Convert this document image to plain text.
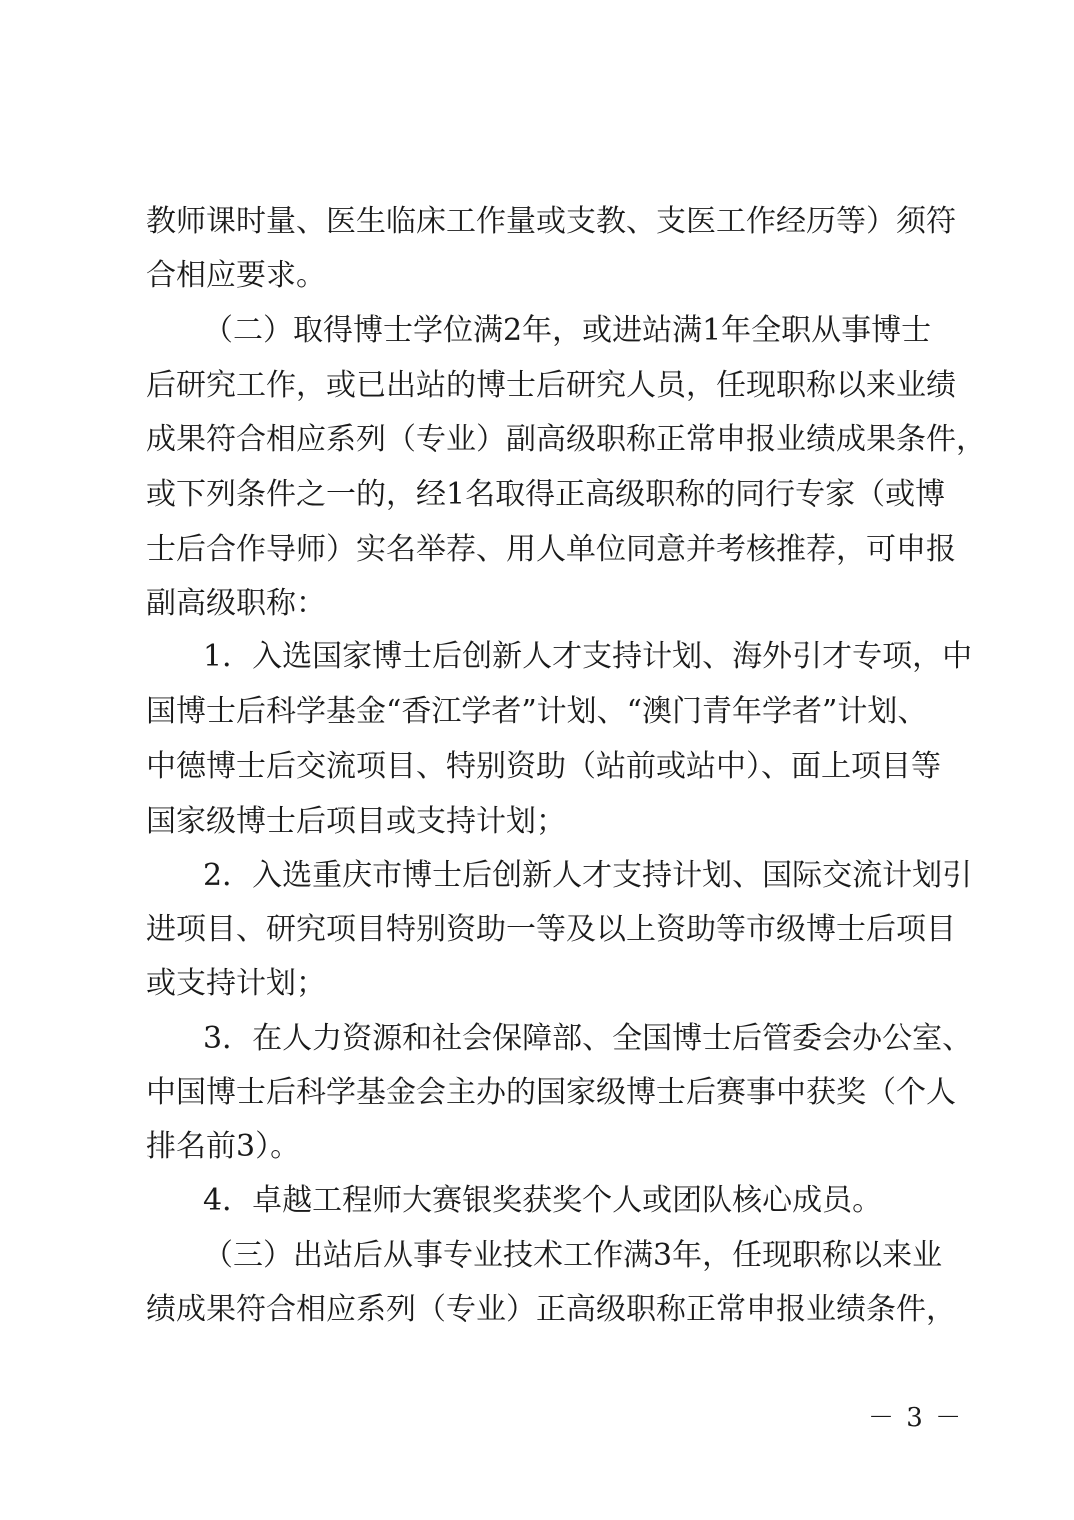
教师课时量、医生临床工作量或支教、支医工作经历等）须符
合相应要求。
（二）取得博士学位满2年，或进站满1年全职从事博士
后研究工作，或已出站的博士后研究人员，任现职称以来业绩
成果符合相应系列（专业）副高级职称正常申报业绩成果条件，
或下列条件之一的，经1名取得正高级职称的同行专家（或博
士后合作导师）实名举荐、用人单位同意并考核推荐，可申报
副高级职称：
1．入选国家博士后创新人才支持计划、海外引才专项，中
国博士后科学基金“香江学者”计划、“澳门青年学者”计划、
中德博士后交流项目、特别资助（站前或站中）、面上项目等
国家级博士后项目或支持计划；
2．入选重庆市博士后创新人才支持计划、国际交流计划引
进项目、研究项目特别资助一等及以上资助等市级博士后项目
或支持计划；
3．在人力资源和社会保障部、全国博士后管委会办公室、
中国博士后科学基金会主办的国家级博士后赛事中获奖（个人
排名前3）。
4．卓越工程师大赛银奖获奖个人或团队核心成员。
（三）出站后从事专业技术工作满3年，任现职称以来业
绩成果符合相应系列（专业）正高级职称正常申报业绩条件，
－ 3 －
